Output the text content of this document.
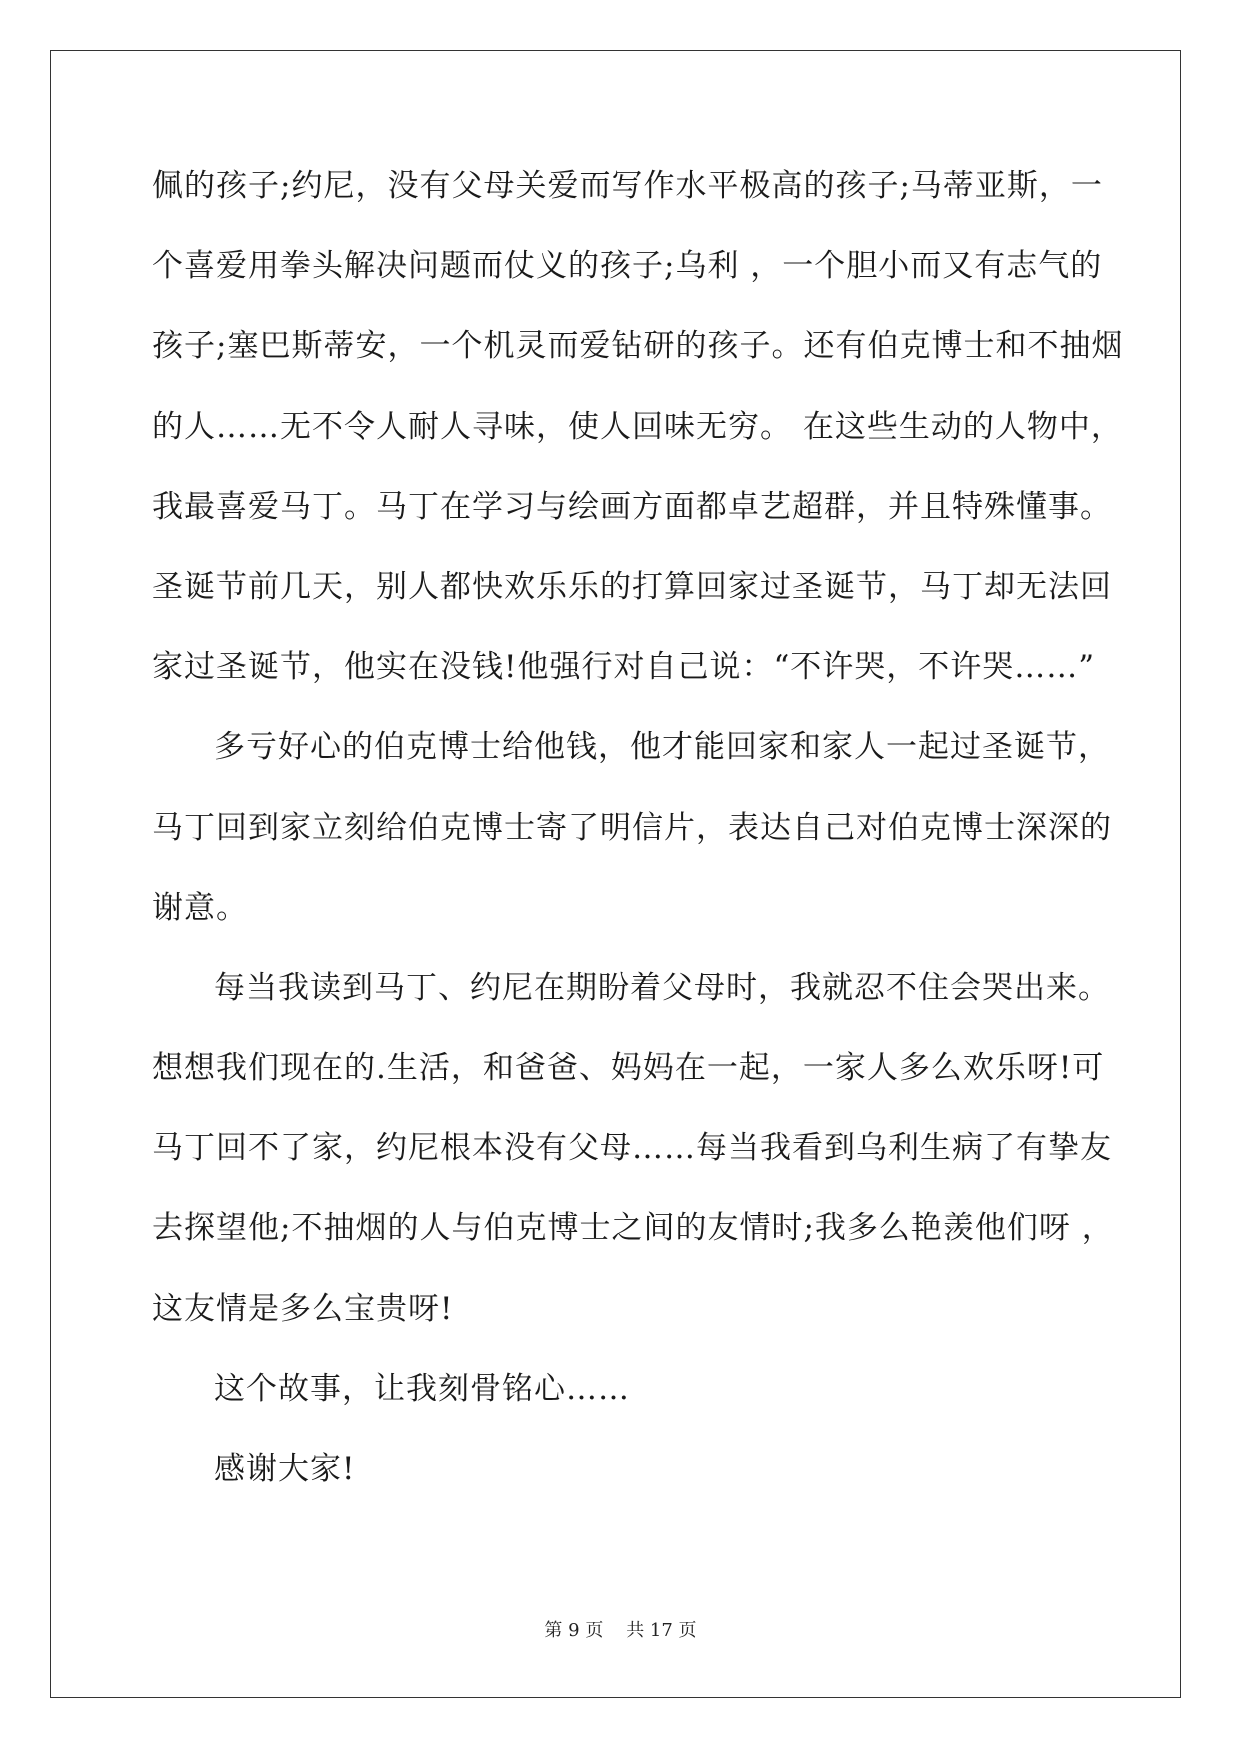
佩的孩子;约尼，没有父母关爱而写作水平极高的孩子;马蒂亚斯，一
个喜爱用拳头解决问题而仗义的孩子;乌利 ，一个胆小而又有志气的
孩子;塞巴斯蒂安，一个机灵而爱钻研的孩子。还有伯克博士和不抽烟
的人……无不令人耐人寻味，使人回味无穷。 在这些生动的人物中，
我最喜爱马丁。马丁在学习与绘画方面都卓艺超群，并且特殊懂事。
圣诞节前几天，别人都快欢乐乐的打算回家过圣诞节，马丁却无法回
家过圣诞节，他实在没钱!他强行对自己说：“不许哭，不许哭……”
多亏好心的伯克博士给他钱，他才能回家和家人一起过圣诞节，
马丁回到家立刻给伯克博士寄了明信片，表达自己对伯克博士深深的
谢意。
每当我读到马丁、约尼在期盼着父母时，我就忍不住会哭出来。
想想我们现在的.生活，和爸爸、妈妈在一起，一家人多么欢乐呀!可
马丁回不了家，约尼根本没有父母……每当我看到乌利生病了有挚友
去探望他;不抽烟的人与伯克博士之间的友情时;我多么艳羡他们呀 ，
这友情是多么宝贵呀!
这个故事，让我刻骨铭心……
感谢大家!
第 9 页    共 17 页
